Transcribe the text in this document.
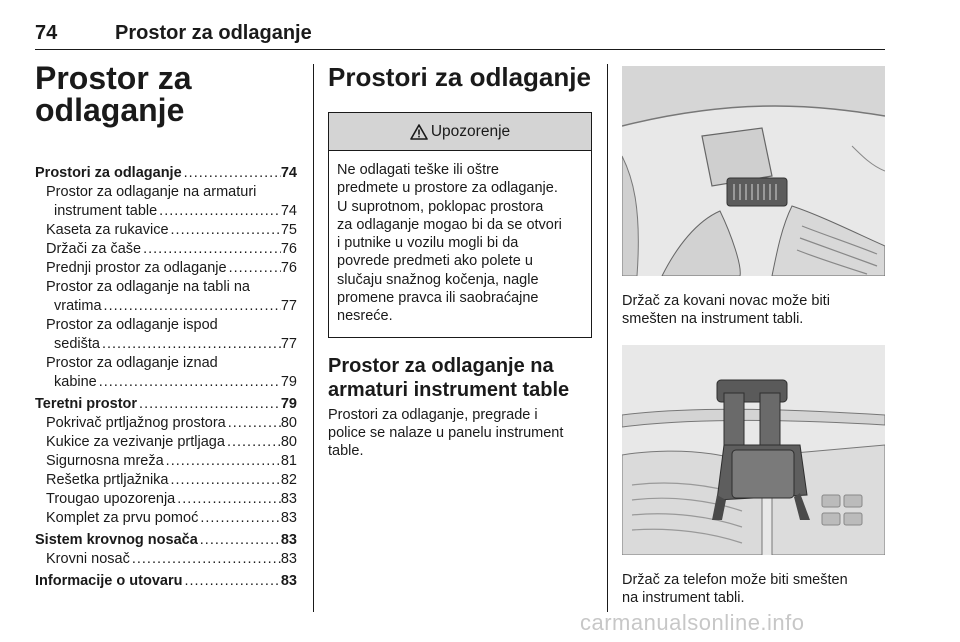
74	Prostor za odlaganje
Prostor za
odlaganje
Prostori za odlaganje .....	74
Prostor za odlaganje na armaturi
instrument table .....	74
Kaseta za rukavice .....	75
Držači za čaše .....	76
Prednji prostor za odlaganje .....	76
Prostor za odlaganje na tabli na
vratima .....	77
Prostor za odlaganje ispod
sedišta .....	77
Prostor za odlaganje iznad
kabine .....	79
Teretni prostor .....	79
Pokrivač prtljažnog prostora .....	80
Kukice za vezivanje prtljaga .....	80
Sigurnosna mreža .....	81
Rešetka prtljažnika .....	82
Trougao upozorenja .....	83
Komplet za prvu pomoć .....	83
Sistem krovnog nosača .....	83
Krovni nosač .....	83
Informacije o utovaru .....	83
Prostori za odlaganje
Upozorenje
Ne odlagati teške ili oštre
predmete u prostore za odlaganje.
U suprotnom, poklopac prostora
za odlaganje mogao bi da se otvori
i putnike u vozilu mogli bi da
povrede predmeti ako polete u
slučaju snažnog kočenja, nagle
promene pravca ili saobraćajne
nesreće.
Prostor za odlaganje na
armaturi instrument table
Prostori za odlaganje, pregrade i
police se nalaze u panelu instrument
table.
Držač za kovani novac može biti
smešten na instrument tabli.
Držač za telefon može biti smešten
na instrument tabli.
carmanualsonline.info
